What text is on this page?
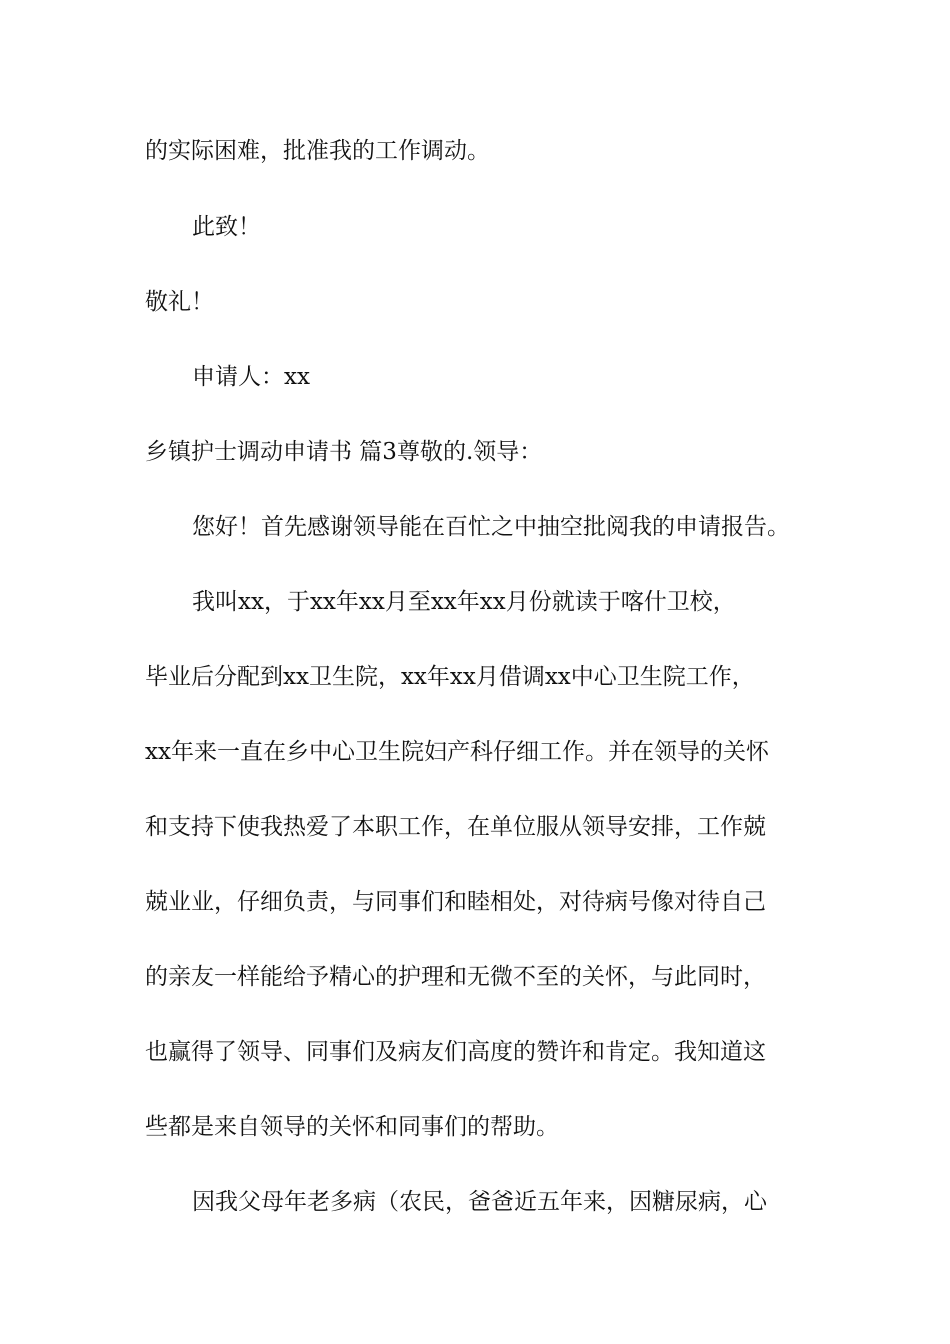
的实际困难，批准我的工作调动。

此致！

敬礼！

申请人：xx

乡镇护士调动申请书 篇3尊敬的.领导：

您好！首先感谢领导能在百忙之中抽空批阅我的申请报告。

我叫xx，于xx年xx月至xx年xx月份就读于喀什卫校，

毕业后分配到xx卫生院，xx年xx月借调xx中心卫生院工作，

xx年来一直在乡中心卫生院妇产科仔细工作。并在领导的关怀

和支持下使我热爱了本职工作，在单位服从领导安排，工作兢

兢业业，仔细负责，与同事们和睦相处，对待病号像对待自己

的亲友一样能给予精心的护理和无微不至的关怀，与此同时，

也赢得了领导、同事们及病友们高度的赞许和肯定。我知道这

些都是来自领导的关怀和同事们的帮助。

因我父母年老多病（农民，爸爸近五年来，因糖尿病，心
